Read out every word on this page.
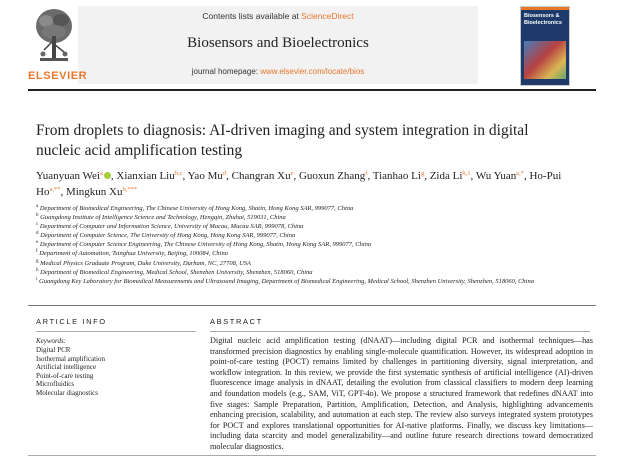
ELSEVIER
Contents lists available at ScienceDirect
Biosensors and Bioelectronics
journal homepage: www.elsevier.com/locate/bios
Biosensors & Bioelectronics
From droplets to diagnosis: AI-driven imaging and system integration in digital nucleic acid amplification testing
Yuanyuan Wei$^a$ , Xianxian Liu$^{b,c}$, Yao Mu$^d$, Changran Xu$^e$, Guoxun Zhang$^f$, Tianhao Li$^g$, Zida Li$^{h,1}$, Wu Yuan$^{a,*}$, Ho-Pui $Ho^{a,**}$, Mingkun $Xu^{b,***}$
$^a$ Department of Biomedical Engineering, The Chinese University of Hong Kong, Shatin, Hong Kong SAR, 999077, China
$^b$ Guangdong Institute of Intelligence Science and Technology, Hengqin, Zhuhai, 519031, China
$^c$ Department of Computer and Information Science, University of Macau, Macau SAR, 999078, China
$^d$ Department of Computer Science, The University of Hong Kong, Hong Kong SAR, 999077, China
$^e$ Department of Computer Science Engineering, The Chinese University of Hong Kong, Shatin, Hong Kong SAR, 999077, China
$^f$ Department of Automation, Tsinghua University, Beijing, 100084, China
$^g$ Medical Physics Graduate Program, Duke University, Durham, NC, 27708, USA
$^h$ Department of Biomedical Engineering, Medical School, Shenzhen University, Shenzhen, 518060, China
$^i$ Guangdong Key Laboratory for Biomedical Measurements and Ultrasound Imaging, Department of Biomedical Engineering, Medical School, Shenzhen University, Shenzhen, 518060, China
ARTICLE INFO
Keywords:
Digital PCR
Isothermal amplification
Artificial intelligence
Point-of-care testing
Microfluidics
Molecular diagnostics
ABSTRACT
Digital nucleic acid amplification testing (dNAAT)—including digital PCR and isothermal techniques—has transformed precision diagnostics by enabling single-molecule quantification. However, its widespread adoption in point-of-care testing (POCT) remains limited by challenges in partitioning diversity, signal interpretation, and workflow integration. In this review, we provide the first systematic synthesis of artificial intelligence (AI)-driven fluorescence image analysis in dNAAT, detailing the evolution from classical classifiers to modern deep learning and foundation models (e.g., SAM, ViT, GPT-4o). We propose a structured framework that redefines dNAAT into five stages: Sample Preparation, Partition, Amplification, Detection, and Analysis, highlighting advancements enhancing precision, scalability, and automation at each step. The review also surveys integrated system prototypes for POCT and explores translational opportunities for AI-native platforms. Finally, we discuss key limitations—including data scarcity and model generalizability—and outline future research directions toward democratized molecular diagnostics.
